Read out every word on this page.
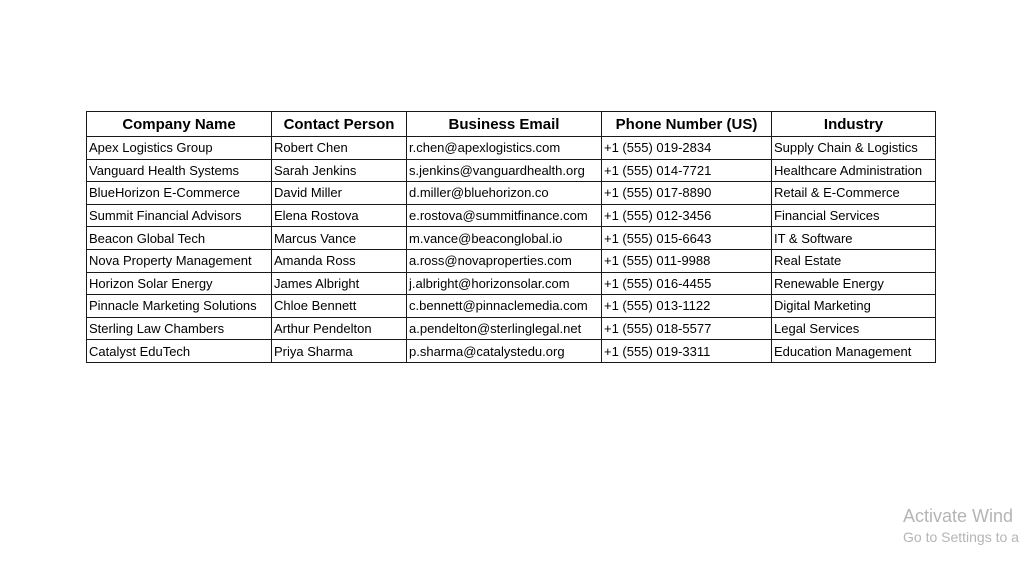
Company Name	Contact Person	Business Email	Phone Number (US)	Industry
Apex Logistics Group	Robert Chen	r.chen@apexlogistics.com	+1 (555) 019-2834	Supply Chain & Logistics
Vanguard Health Systems	Sarah Jenkins	s.jenkins@vanguardhealth.org	+1 (555) 014-7721	Healthcare Administration
BlueHorizon E-Commerce	David Miller	d.miller@bluehorizon.co	+1 (555) 017-8890	Retail & E-Commerce
Summit Financial Advisors	Elena Rostova	e.rostova@summitfinance.com	+1 (555) 012-3456	Financial Services
Beacon Global Tech	Marcus Vance	m.vance@beaconglobal.io	+1 (555) 015-6643	IT & Software
Nova Property Management	Amanda Ross	a.ross@novaproperties.com	+1 (555) 011-9988	Real Estate
Horizon Solar Energy	James Albright	j.albright@horizonsolar.com	+1 (555) 016-4455	Renewable Energy
Pinnacle Marketing Solutions	Chloe Bennett	c.bennett@pinnaclemedia.com	+1 (555) 013-1122	Digital Marketing
Sterling Law Chambers	Arthur Pendelton	a.pendelton@sterlinglegal.net	+1 (555) 018-5577	Legal Services
Catalyst EduTech	Priya Sharma	p.sharma@catalystedu.org	+1 (555) 019-3311	Education Management
Activate Wind
Go to Settings to a
